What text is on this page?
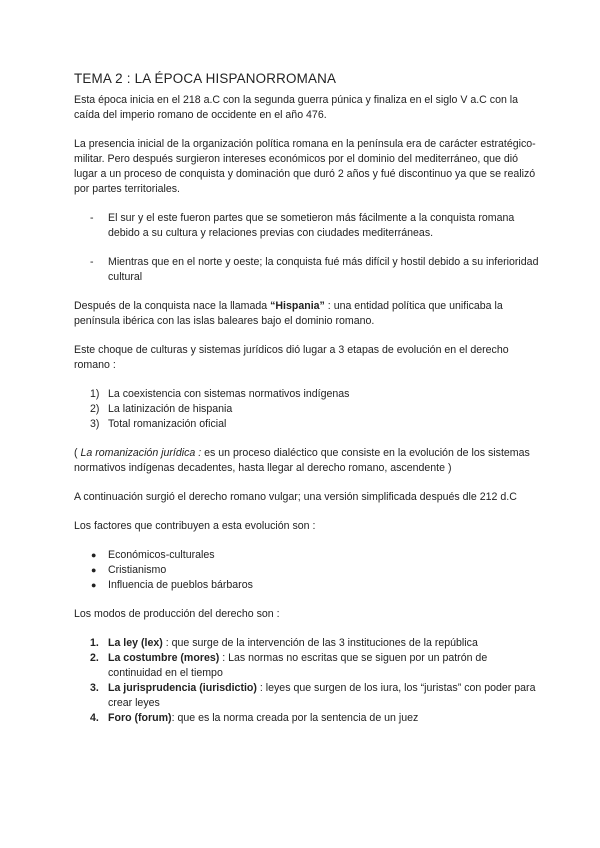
TEMA 2 : LA ÉPOCA HISPANORROMANA

Esta época inicia en el 218 a.C con la segunda guerra púnica y finaliza en el siglo V a.C con la caída del imperio romano de occidente en el año 476.

La presencia inicial de la organización política romana en la península era de carácter estratégico-militar. Pero después surgieron intereses económicos por el dominio del mediterráneo, que dió lugar a un proceso de conquista y dominación que duró 2 años y fué discontinuo ya que se realizó por partes territoriales.

- El sur y el este fueron partes que se sometieron más fácilmente a la conquista romana debido a su cultura y relaciones previas con ciudades mediterráneas.
- Mientras que en el norte y oeste; la conquista fué más difícil y hostil debido a su inferioridad cultural

Después de la conquista nace la llamada “Hispania” : una entidad política que unificaba la península ibérica con las islas baleares bajo el dominio romano.

Este choque de culturas y sistemas jurídicos dió lugar a 3 etapas de evolución en el derecho romano :

1) La coexistencia con sistemas normativos indígenas
2) La latinización de hispania
3) Total romanización oficial

( La romanización jurídica : es un proceso dialéctico que consiste en la evolución de los sistemas normativos indígenas decadentes, hasta llegar al derecho romano, ascendente )

A continuación surgió el derecho romano vulgar; una versión simplificada después dle 212 d.C

Los factores que contribuyen a esta evolución son :

● Económicos-culturales
● Cristianismo
● Influencia de pueblos bárbaros

Los modos de producción del derecho son :

1. La ley (lex) : que surge de la intervención de las 3 instituciones de la república
2. La costumbre (mores) : Las normas no escritas que se siguen por un patrón de continuidad en el tiempo
3. La jurisprudencia (iurisdictio) : leyes que surgen de los iura, los “juristas” con poder para crear leyes
4. Foro (forum): que es la norma creada por la sentencia de un juez
